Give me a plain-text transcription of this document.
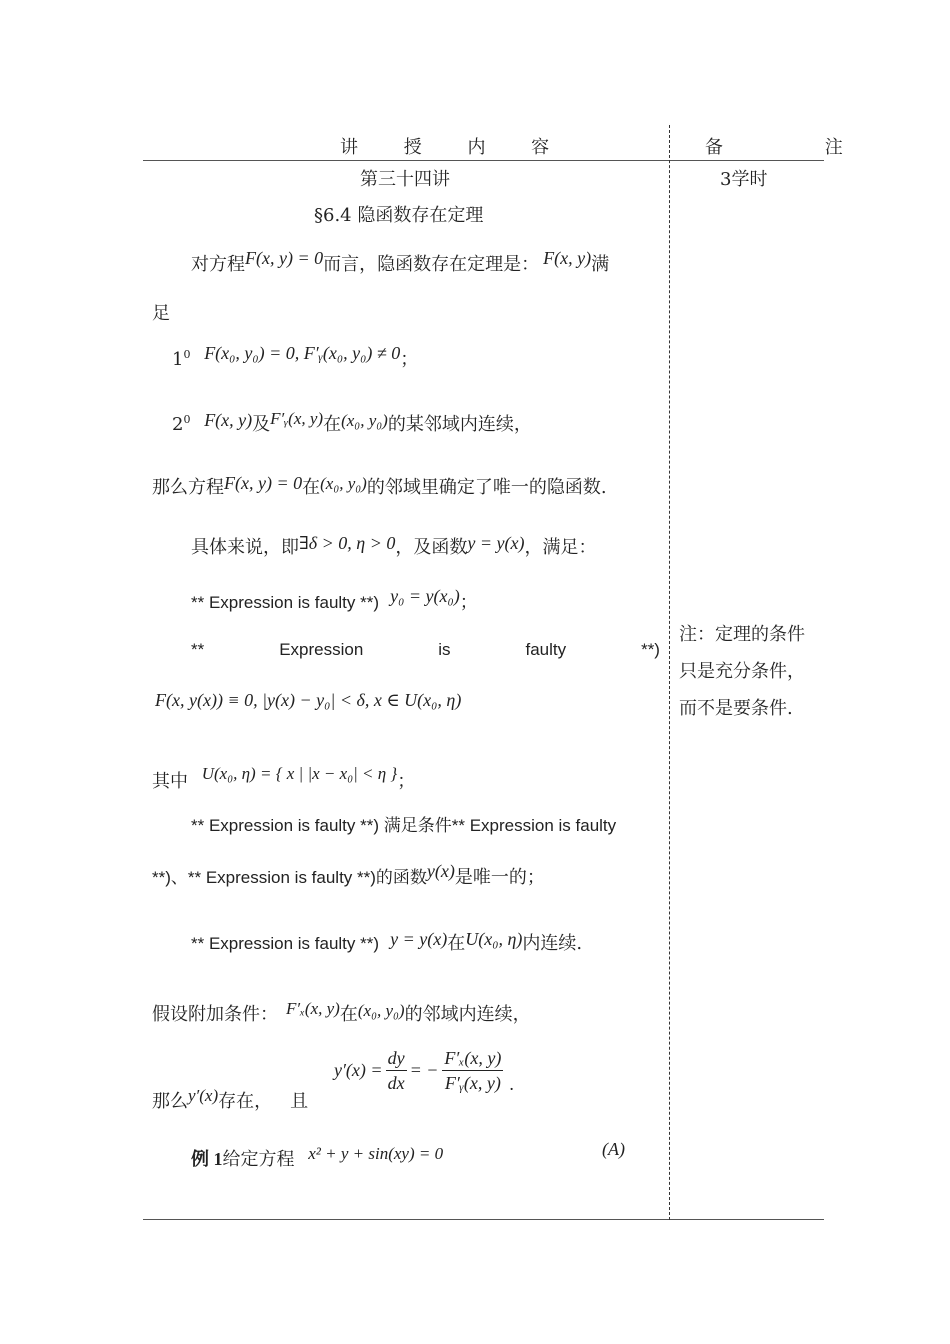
讲 授 内 容	备 注
第三十四讲	3学时
§6.4 隐函数存在定理
对方程F(x, y) = 0而言，隐函数存在定理是： F(x, y)满
足
$1^0$ F(x₀, y₀) = 0, F′ᵧ(x₀, y₀) ≠ 0；
$2^0$ F(x, y)及F′ᵧ(x, y)在(x₀, y₀)的某邻域内连续，
那么方程F(x, y) = 0在(x₀, y₀)的邻域里确定了唯一的隐函数.
具体来说，即∃δ > 0, η > 0，及函数y = y(x)，满足：
** Expression is faulty **) y₀ = y(x₀)；
**	Expression	is	faulty	**)
F(x, y(x)) ≡ 0, |y(x) − y₀| < δ, x ∈ U(x₀, η)
其中 U(x₀, η) = { x | |x − x₀| < η }；
** Expression is faulty **) 满足条件** Expression is faulty
**)、** Expression is faulty **)的函数y(x)是唯一的；
** Expression is faulty **) y = y(x)在U(x₀, η)内连续.
假设附加条件： F′ₓ(x, y)在(x₀, y₀)的邻域内连续，
那么y′(x)存在， 且
$y'(x) = \frac{dy}{dx}$ = − $\frac{\text{F′ₓ(x, y)}}{\text{F′ᵧ(x, y)}}$ .
例 1给定方程 x² + y + sin(xy) = 0	(A)
注：定理的条件
只是充分条件，
而不是要条件.
